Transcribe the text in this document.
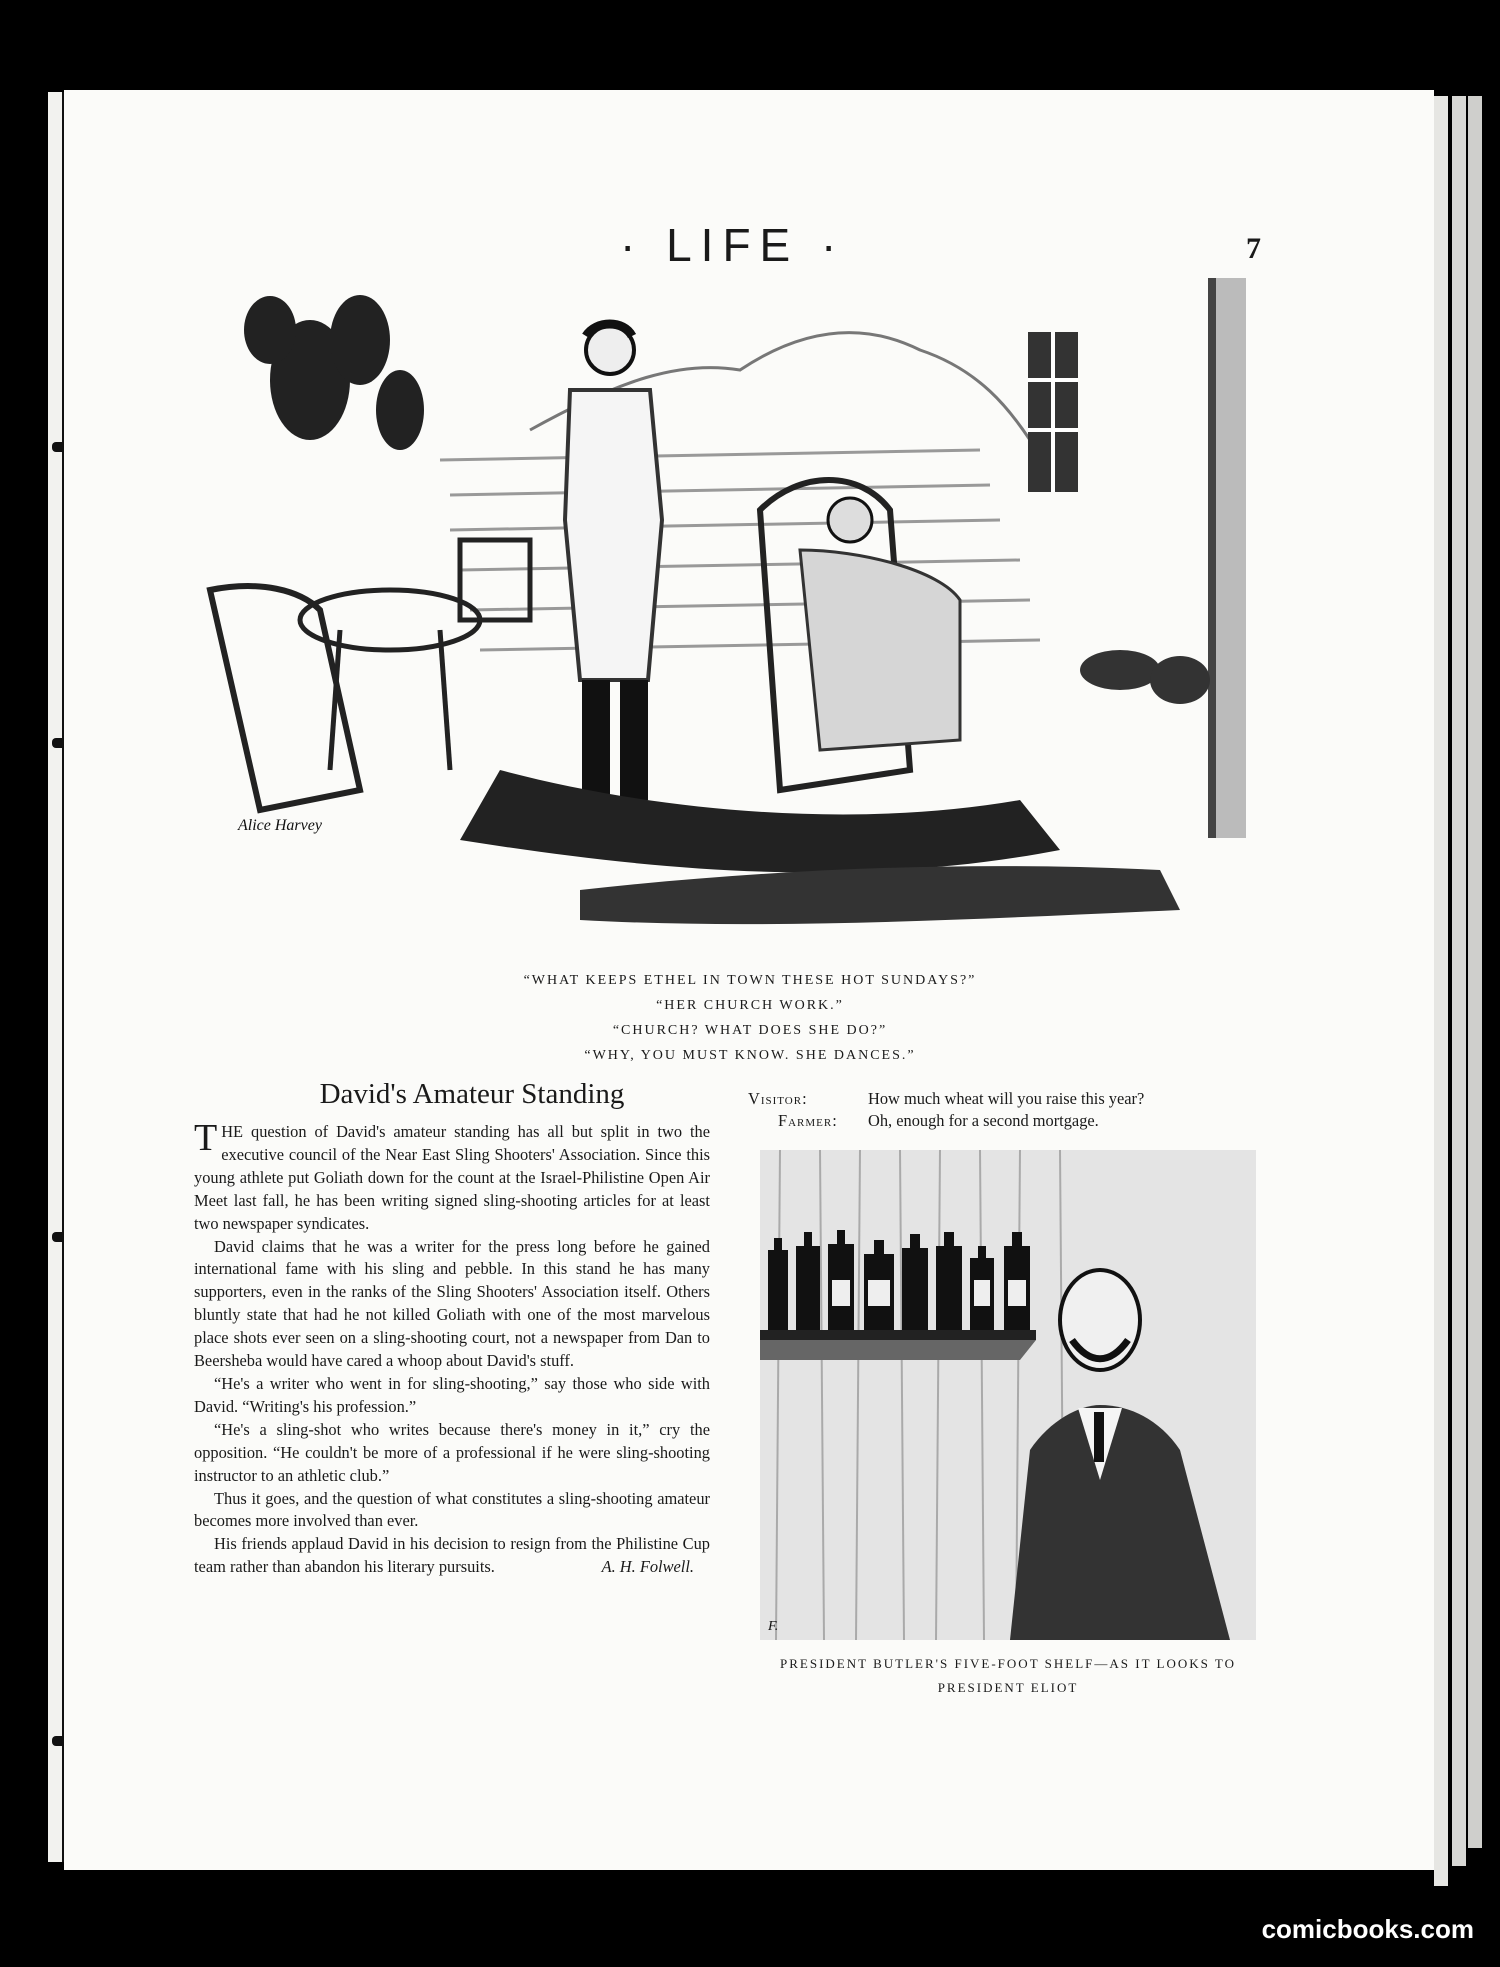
· LIFE ·	7
Alice Harvey
“WHAT KEEPS ETHEL IN TOWN THESE HOT SUNDAYS?”
“HER CHURCH WORK.”
“CHURCH? WHAT DOES SHE DO?”
“WHY, YOU MUST KNOW. SHE DANCES.”
David's Amateur Standing

THE question of David's amateur standing has all but split in two the executive council of the Near East Sling Shooters' Association. Since this young athlete put Goliath down for the count at the Israel-Philistine Open Air Meet last fall, he has been writing signed sling-shooting articles for at least two newspaper syndicates.

David claims that he was a writer for the press long before he gained international fame with his sling and pebble. In this stand he has many supporters, even in the ranks of the Sling Shooters' Association itself. Others bluntly state that had he not killed Goliath with one of the most marvelous place shots ever seen on a sling-shooting court, not a newspaper from Dan to Beersheba would have cared a whoop about David's stuff.

“He's a writer who went in for sling-shooting,” say those who side with David. “Writing's his profession.”

“He's a sling-shot who writes because there's money in it,” cry the opposition. “He couldn't be more of a professional if he were sling-shooting instructor to an athletic club.”

Thus it goes, and the question of what constitutes a sling-shooting amateur becomes more involved than ever.

His friends applaud David in his decision to resign from the Philistine Cup team rather than abandon his literary pursuits.	A. H. Folwell.

Visitor:	How much wheat will you raise this year?
Farmer:	Oh, enough for a second mortgage.
F.
PRESIDENT BUTLER'S FIVE-FOOT SHELF—AS IT LOOKS TO
PRESIDENT ELIOT
comicbooks.com
